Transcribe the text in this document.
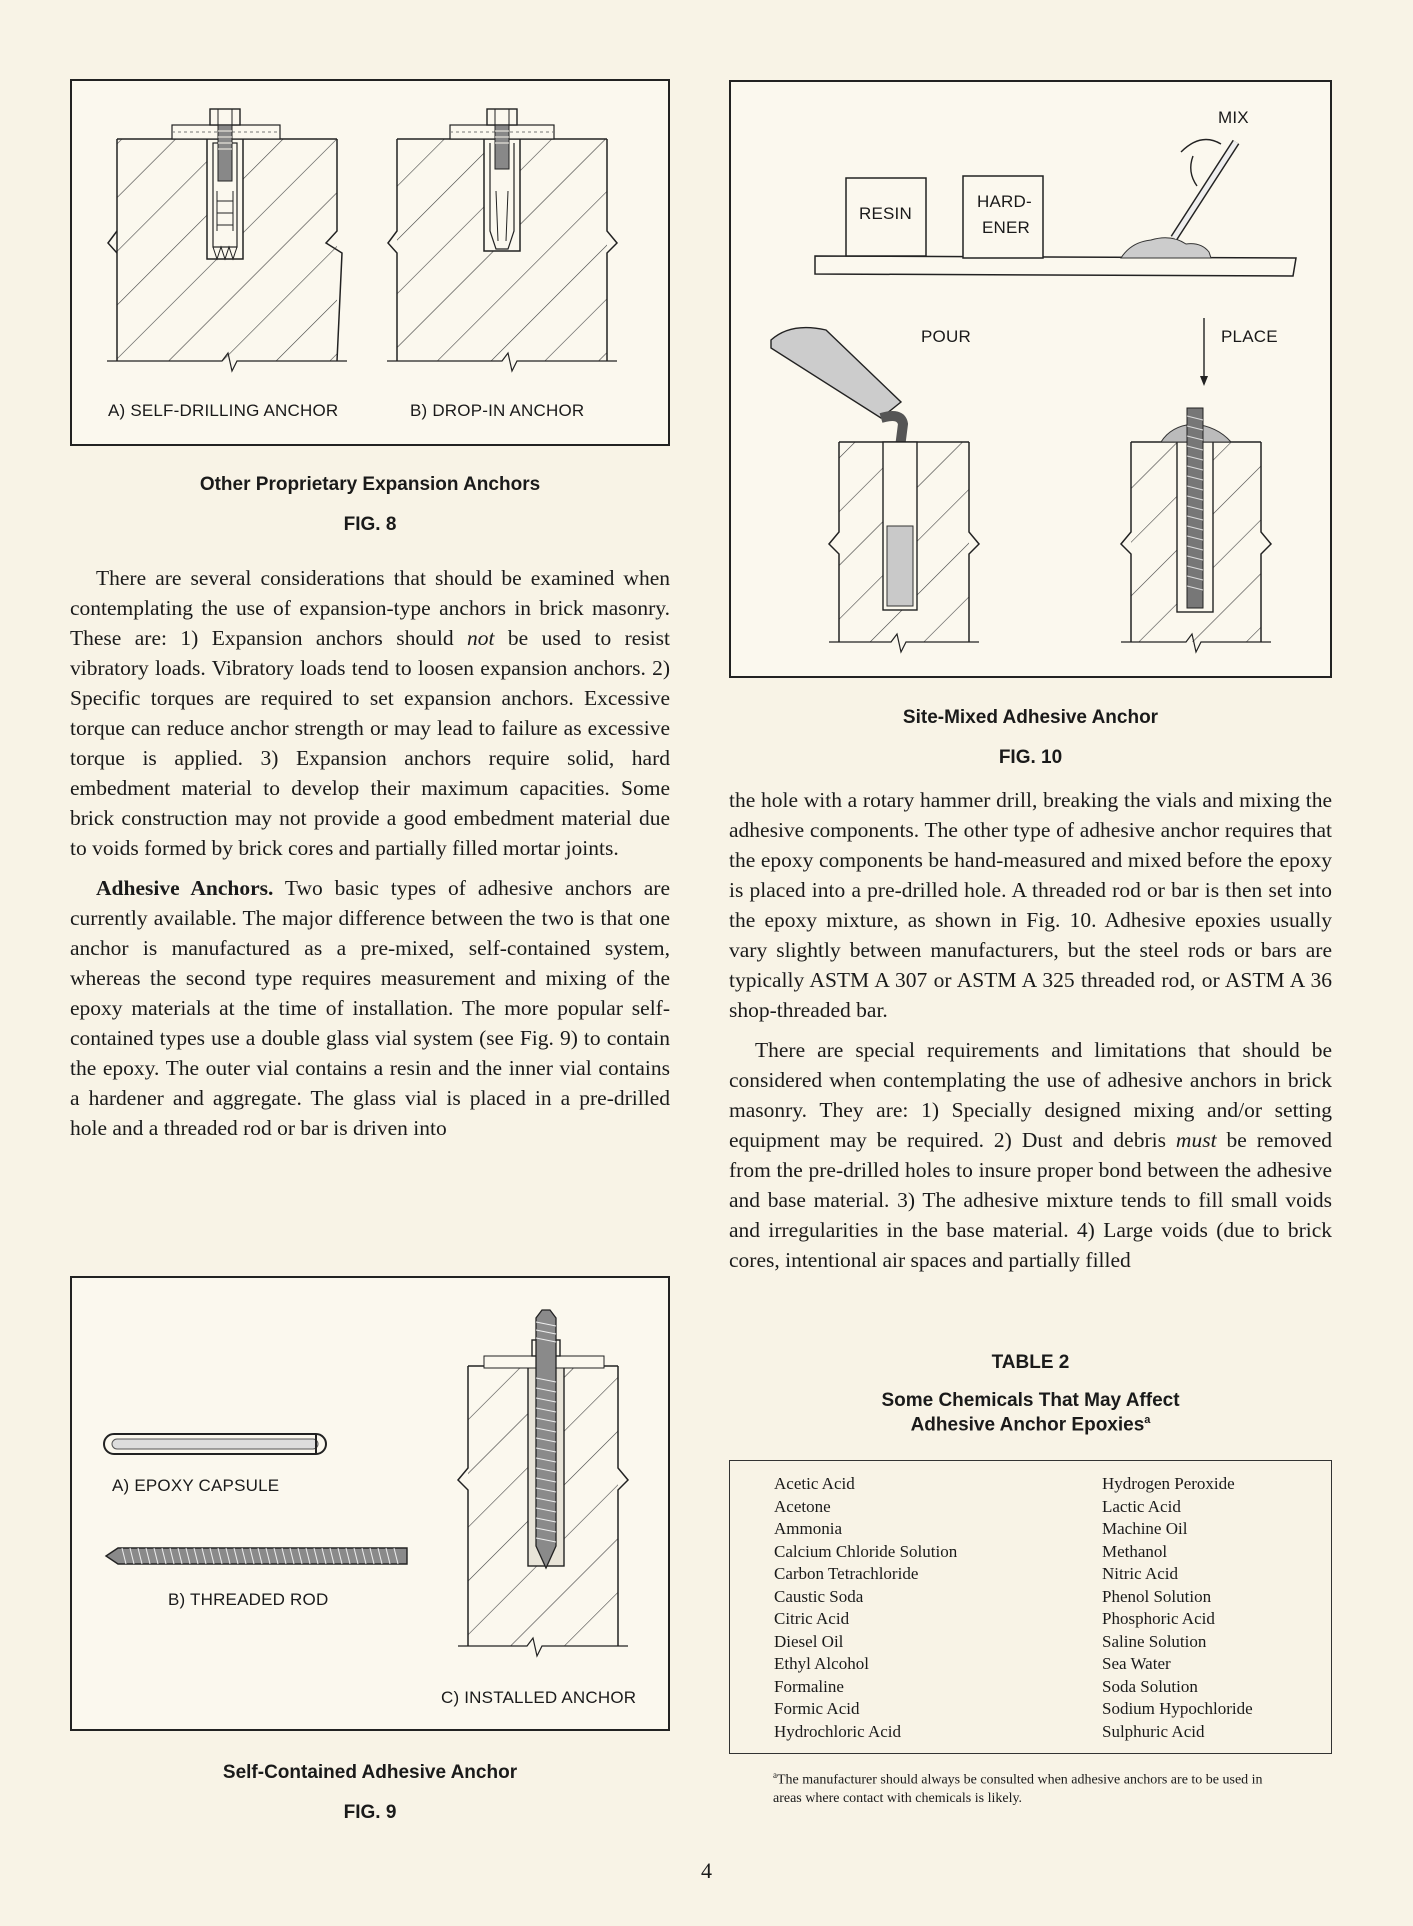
A) SELF-DRILLING ANCHOR	B) DROP-IN ANCHOR
Other Proprietary Expansion Anchors
FIG. 8

There are several considerations that should be examined when contemplating the use of expansion-type anchors in brick masonry. These are: 1) Expansion anchors should not be used to resist vibratory loads. Vibratory loads tend to loosen expansion anchors. 2) Specific torques are required to set expansion anchors. Excessive torque can reduce anchor strength or may lead to failure as excessive torque is applied. 3) Expansion anchors require solid, hard embedment material to develop their maximum capacities. Some brick construction may not provide a good embedment material due to voids formed by brick cores and partially filled mortar joints.

Adhesive Anchors. Two basic types of adhesive anchors are currently available. The major difference between the two is that one anchor is manufactured as a pre-mixed, self-contained system, whereas the second type requires measurement and mixing of the epoxy materials at the time of installation. The more popular self-contained types use a double glass vial system (see Fig. 9) to contain the epoxy. The outer vial contains a resin and the inner vial contains a hardener and aggregate. The glass vial is placed in a pre-drilled hole and a threaded rod or bar is driven into

A) EPOXY CAPSULE
B) THREADED ROD
C) INSTALLED ANCHOR
Self-Contained Adhesive Anchor
FIG. 9
RESIN
HARD-
ENER
MIX
POUR	PLACE
Site-Mixed Adhesive Anchor
FIG. 10

the hole with a rotary hammer drill, breaking the vials and mixing the adhesive components. The other type of adhesive anchor requires that the epoxy components be hand-measured and mixed before the epoxy is placed into a pre-drilled hole. A threaded rod or bar is then set into the epoxy mixture, as shown in Fig. 10. Adhesive epoxies usually vary slightly between manufacturers, but the steel rods or bars are typically ASTM A 307 or ASTM A 325 threaded rod, or ASTM A 36 shop-threaded bar.

There are special requirements and limitations that should be considered when contemplating the use of adhesive anchors in brick masonry. They are: 1) Specially designed mixing and/or setting equipment may be required. 2) Dust and debris must be removed from the pre-drilled holes to insure proper bond between the adhesive and base material. 3) The adhesive mixture tends to fill small voids and irregularities in the base material. 4) Large voids (due to brick cores, intentional air spaces and partially filled

TABLE 2
Some Chemicals That May Affect
Adhesive Anchor Epoxies$^a$
Acetic Acid
Acetone
Ammonia
Calcium Chloride Solution
Carbon Tetrachloride
Caustic Soda
Citric Acid
Diesel Oil
Ethyl Alcohol
Formaline
Formic Acid
Hydrochloric Acid
Hydrogen Peroxide
Lactic Acid
Machine Oil
Methanol
Nitric Acid
Phenol Solution
Phosphoric Acid
Saline Solution
Sea Water
Soda Solution
Sodium Hypochloride
Sulphuric Acid
$^a$The manufacturer should always be consulted when adhesive anchors are to be used in areas where contact with chemicals is likely.
4
